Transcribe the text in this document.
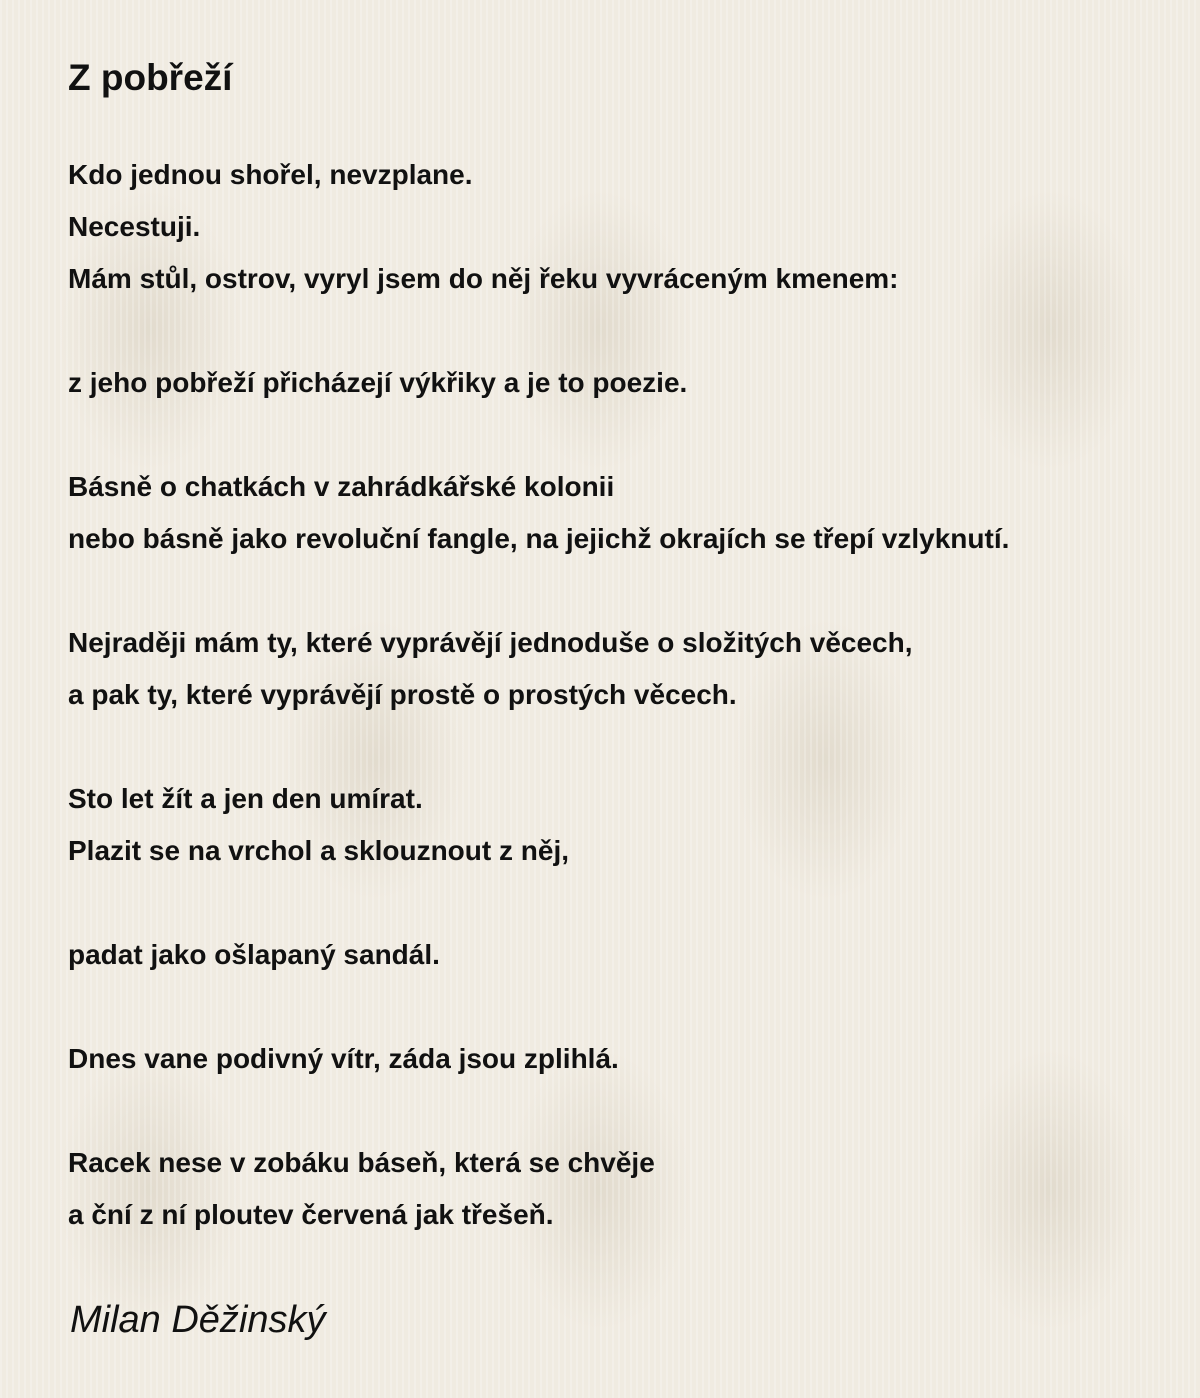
Z pobřeží
Kdo jednou shořel, nevzplane.
Necestuji.
Mám stůl, ostrov, vyryl jsem do něj řeku vyvráceným kmenem:
z jeho pobřeží přicházejí výkřiky a je to poezie.
Básně o chatkách v zahrádkářské kolonii
nebo básně jako revoluční fangle, na jejichž okrajích se třepí vzlyknutí.
Nejraději mám ty, které vyprávějí jednoduše o složitých věcech,
a pak ty, které vyprávějí prostě o prostých věcech.
Sto let žít a jen den umírat.
Plazit se na vrchol a sklouznout z něj,
padat jako ošlapaný sandál.
Dnes vane podivný vítr, záda jsou zplihlá.
Racek nese v zobáku báseň, která se chvěje
a ční z ní ploutev červená jak třešeň.
Milan Děžinský
